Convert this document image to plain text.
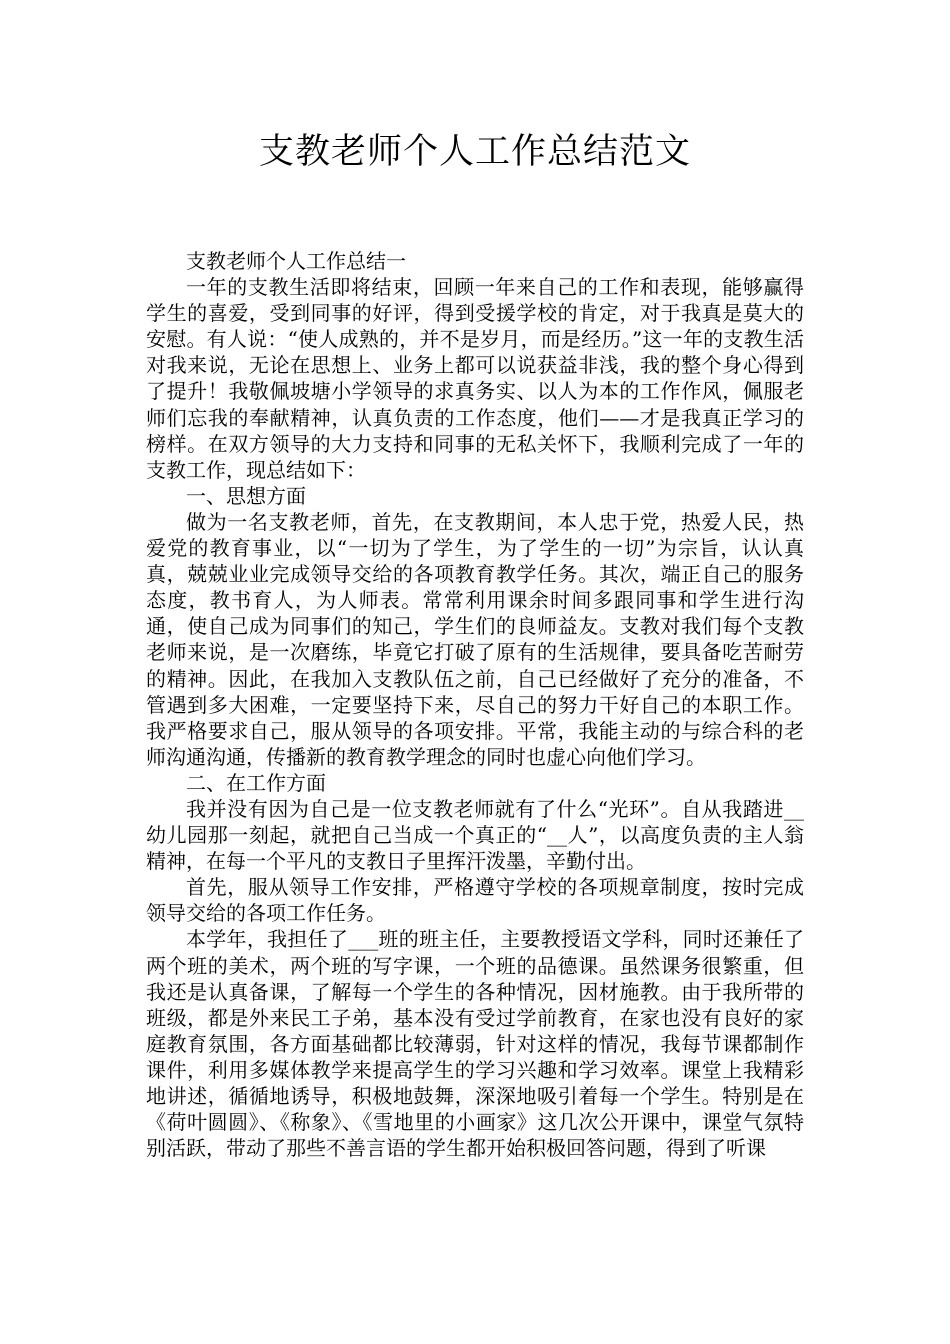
支教老师个人工作总结范文

支教老师个人工作总结一

一年的支教生活即将结束，回顾一年来自己的工作和表现，能够赢得学生的喜爱，受到同事的好评，得到受援学校的肯定，对于我真是莫大的安慰。有人说：“使人成熟的，并不是岁月，而是经历。”这一年的支教生活对我来说，无论在思想上、业务上都可以说获益非浅，我的整个身心得到了提升！我敬佩坡塘小学领导的求真务实、以人为本的工作作风，佩服老师们忘我的奉献精神，认真负责的工作态度，他们——才是我真正学习的榜样。在双方领导的大力支持和同事的无私关怀下，我顺利完成了一年的支教工作，现总结如下：

一、思想方面

做为一名支教老师，首先，在支教期间，本人忠于党，热爱人民，热爱党的教育事业，以“一切为了学生，为了学生的一切”为宗旨，认认真真，兢兢业业完成领导交给的各项教育教学任务。其次，端正自己的服务态度，教书育人，为人师表。常常利用课余时间多跟同事和学生进行沟通，使自己成为同事们的知己，学生们的良师益友。支教对我们每个支教老师来说，是一次磨练，毕竟它打破了原有的生活规律，要具备吃苦耐劳的精神。因此，在我加入支教队伍之前，自己已经做好了充分的准备，不管遇到多大困难，一定要坚持下来，尽自己的努力干好自己的本职工作。我严格要求自己，服从领导的各项安排。平常，我能主动的与综合科的老师沟通沟通，传播新的教育教学理念的同时也虚心向他们学习。

二、在工作方面

我并没有因为自己是一位支教老师就有了什么“光环”。自从我踏进__幼儿园那一刻起，就把自己当成一个真正的“__人”，以高度负责的主人翁精神，在每一个平凡的支教日子里挥汗泼墨，辛勤付出。

首先，服从领导工作安排，严格遵守学校的各项规章制度，按时完成领导交给的各项工作任务。

本学年，我担任了___班的班主任，主要教授语文学科，同时还兼任了两个班的美术，两个班的写字课，一个班的品德课。虽然课务很繁重，但我还是认真备课，了解每一个学生的各种情况，因材施教。由于我所带的班级，都是外来民工子弟，基本没有受过学前教育，在家也没有良好的家庭教育氛围，各方面基础都比较薄弱，针对这样的情况，我每节课都制作课件，利用多媒体教学来提高学生的学习兴趣和学习效率。课堂上我精彩地讲述，循循地诱导，积极地鼓舞，深深地吸引着每一个学生。特别是在《荷叶圆圆》、《称象》、《雪地里的小画家》这几次公开课中，课堂气氛特别活跃，带动了那些不善言语的学生都开始积极回答问题，得到了听课
